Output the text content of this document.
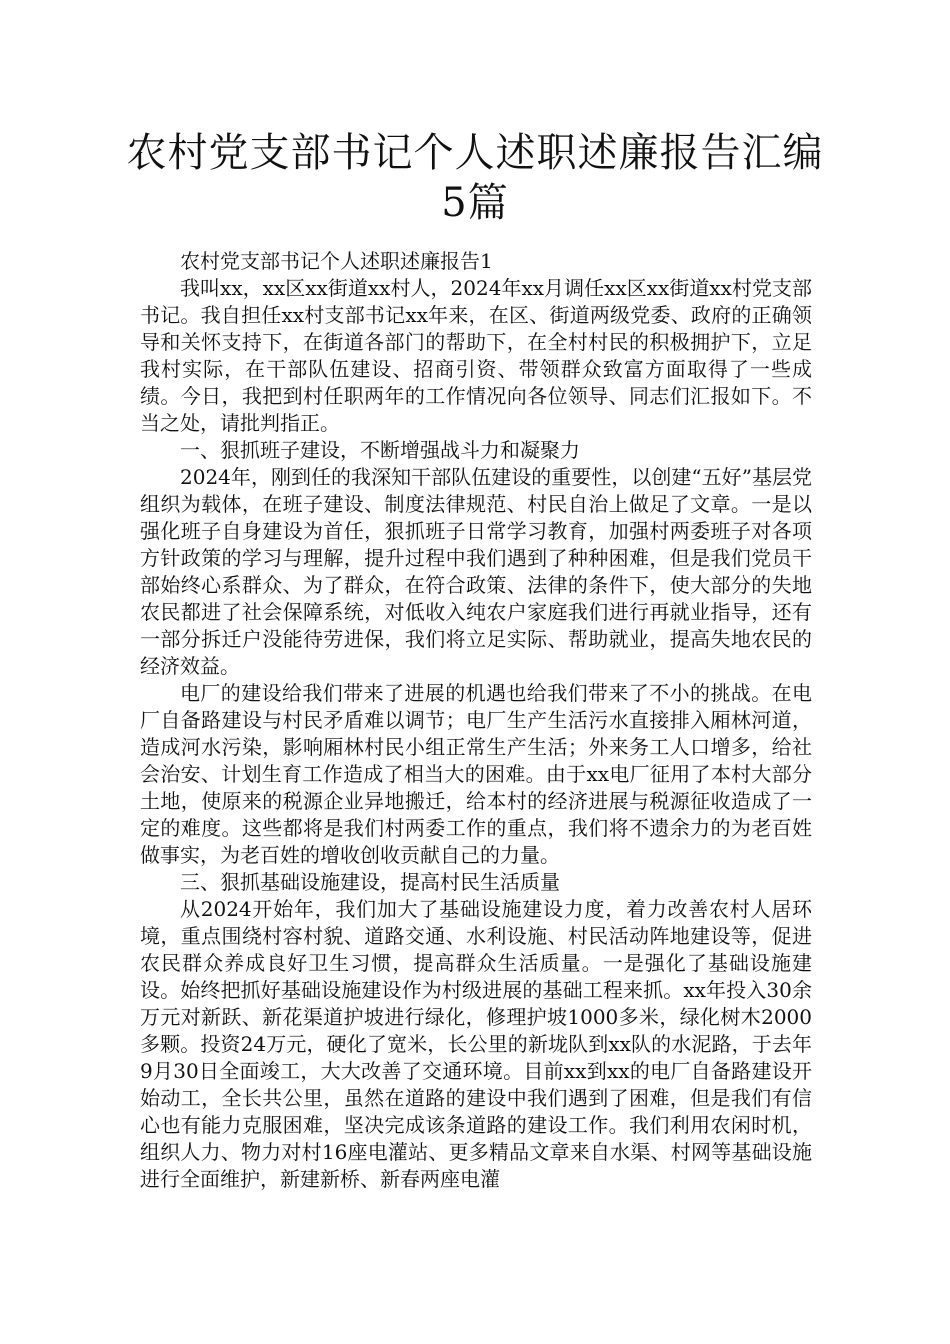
农村党支部书记个人述职述廉报告汇编5篇

农村党支部书记个人述职述廉报告1

我叫xx，xx区xx街道xx村人，2024年xx月调任xx区xx街道xx村党支部书记。我自担任xx村支部书记xx年来，在区、街道两级党委、政府的正确领导和关怀支持下，在街道各部门的帮助下，在全村村民的积极拥护下，立足我村实际，在干部队伍建设、招商引资、带领群众致富方面取得了一些成绩。今日，我把到村任职两年的工作情况向各位领导、同志们汇报如下。不当之处，请批判指正。

一、狠抓班子建设，不断增强战斗力和凝聚力

2024年，刚到任的我深知干部队伍建设的重要性，以创建“五好”基层党组织为载体，在班子建设、制度法律规范、村民自治上做足了文章。一是以强化班子自身建设为首任，狠抓班子日常学习教育，加强村两委班子对各项方针政策的学习与理解，提升过程中我们遇到了种种困难，但是我们党员干部始终心系群众、为了群众，在符合政策、法律的条件下，使大部分的失地农民都进了社会保障系统，对低收入纯农户家庭我们进行再就业指导，还有一部分拆迁户没能待劳进保，我们将立足实际、帮助就业，提高失地农民的经济效益。

电厂的建设给我们带来了进展的机遇也给我们带来了不小的挑战。在电厂自备路建设与村民矛盾难以调节；电厂生产生活污水直接排入厢林河道，造成河水污染，影响厢林村民小组正常生产生活；外来务工人口增多，给社会治安、计划生育工作造成了相当大的困难。由于xx电厂征用了本村大部分土地，使原来的税源企业异地搬迁，给本村的经济进展与税源征收造成了一定的难度。这些都将是我们村两委工作的重点，我们将不遗余力的为老百姓做事实，为老百姓的增收创收贡献自己的力量。

三、狠抓基础设施建设，提高村民生活质量

从2024开始年，我们加大了基础设施建设力度，着力改善农村人居环境，重点围绕村容村貌、道路交通、水利设施、村民活动阵地建设等，促进农民群众养成良好卫生习惯，提高群众生活质量。一是强化了基础设施建设。始终把抓好基础设施建设作为村级进展的基础工程来抓。xx年投入30余万元对新跃、新花渠道护坡进行绿化，修理护坡1000多米，绿化树木2000多颗。投资24万元，硬化了宽米，长公里的新垅队到xx队的水泥路，于去年9月30日全面竣工，大大改善了交通环境。目前xx到xx的电厂自备路建设开始动工，全长共公里，虽然在道路的建设中我们遇到了困难，但是我们有信心也有能力克服困难，坚决完成该条道路的建设工作。我们利用农闲时机，组织人力、物力对村16座电灌站、更多精品文章来自水渠、村网等基础设施进行全面维护，新建新桥、新春两座电灌
